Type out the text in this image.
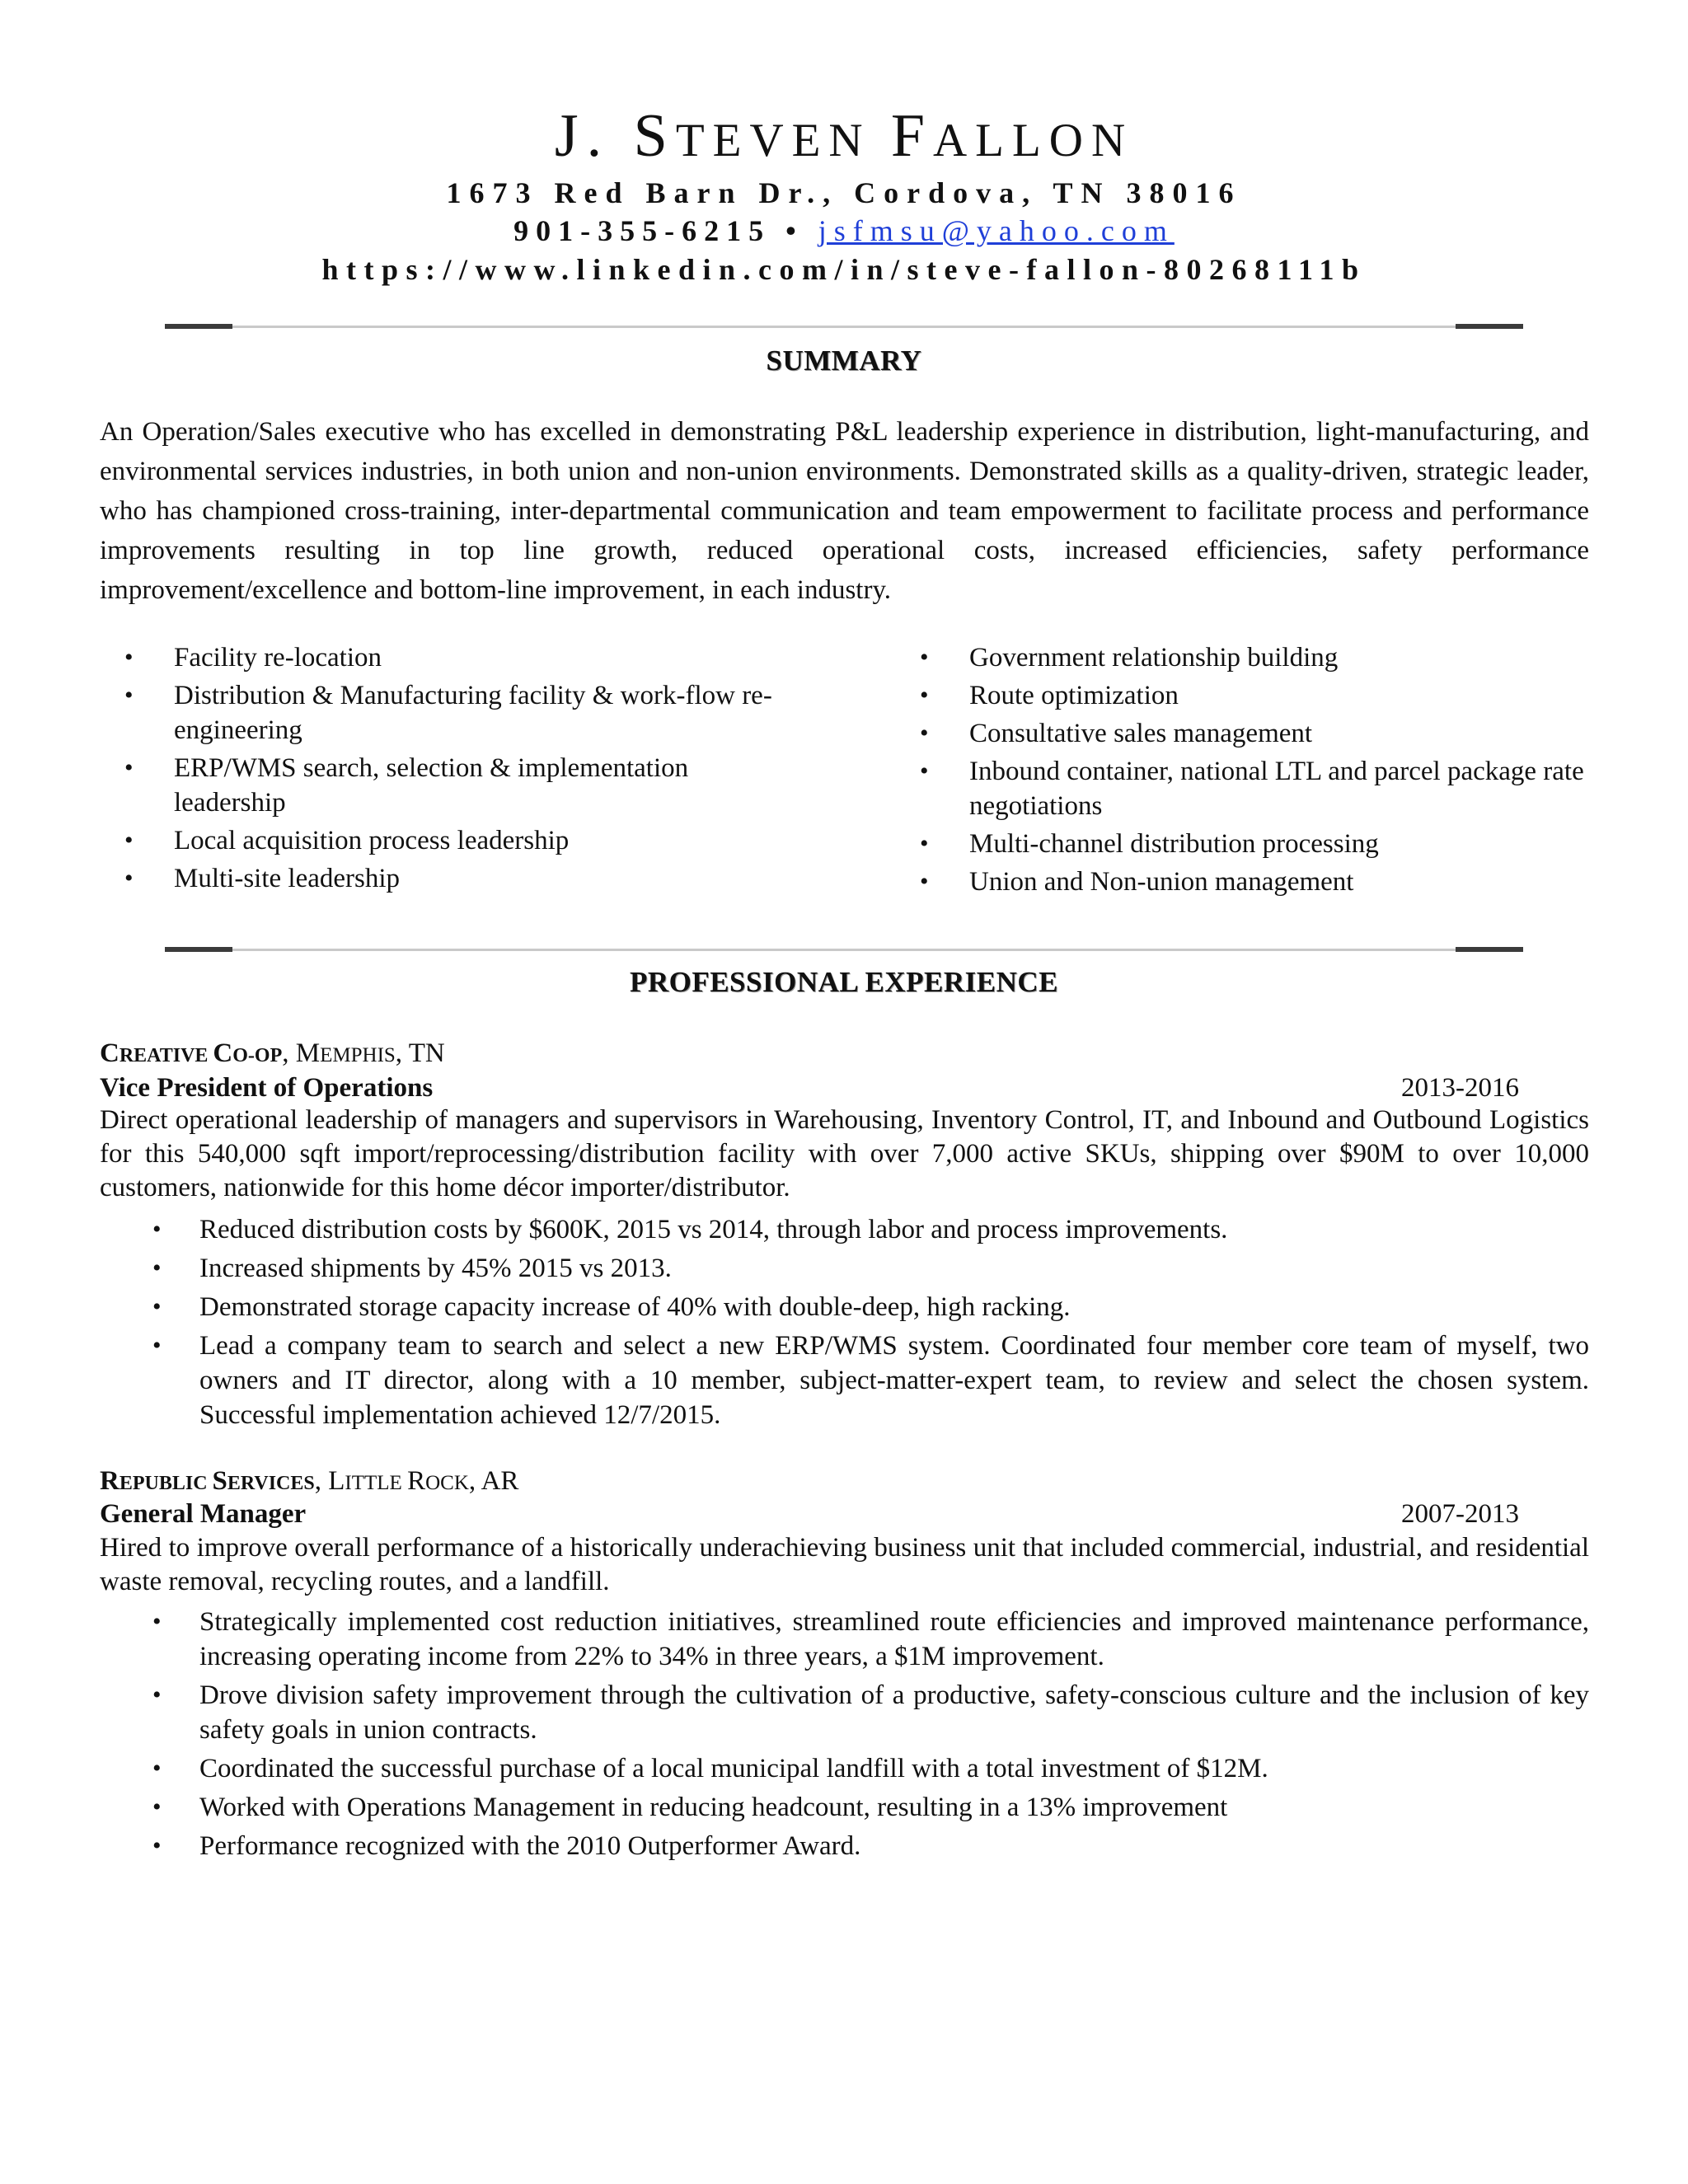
J. STEVEN FALLON
1673 Red Barn Dr., Cordova, TN 38016
901-355-6215 • jsfmsu@yahoo.com
https://www.linkedin.com/in/steve-fallon-80268111b
SUMMARY
An Operation/Sales executive who has excelled in demonstrating P&L leadership experience in distribution, light-manufacturing, and environmental services industries, in both union and non-union environments. Demonstrated skills as a quality-driven, strategic leader, who has championed cross-training, inter-departmental communication and team empowerment to facilitate process and performance improvements resulting in top line growth, reduced operational costs, increased efficiencies, safety performance improvement/excellence and bottom-line improvement, in each industry.
• Facility re-location
• Distribution & Manufacturing facility & work-flow re-engineering
• ERP/WMS search, selection & implementation leadership
• Local acquisition process leadership
• Multi-site leadership
• Government relationship building
• Route optimization
• Consultative sales management
• Inbound container, national LTL and parcel package rate negotiations
• Multi-channel distribution processing
• Union and Non-union management
PROFESSIONAL EXPERIENCE
CREATIVE CO-OP, MEMPHIS, TN
Vice President of Operations	2013-2016
Direct operational leadership of managers and supervisors in Warehousing, Inventory Control, IT, and Inbound and Outbound Logistics for this 540,000 sqft import/reprocessing/distribution facility with over 7,000 active SKUs, shipping over $90M to over 10,000 customers, nationwide for this home décor importer/distributor.
• Reduced distribution costs by $600K, 2015 vs 2014, through labor and process improvements.
• Increased shipments by 45% 2015 vs 2013.
• Demonstrated storage capacity increase of 40% with double-deep, high racking.
• Lead a company team to search and select a new ERP/WMS system. Coordinated four member core team of myself, two owners and IT director, along with a 10 member, subject-matter-expert team, to review and select the chosen system. Successful implementation achieved 12/7/2015.
REPUBLIC SERVICES, LITTLE ROCK, AR
General Manager	2007-2013
Hired to improve overall performance of a historically underachieving business unit that included commercial, industrial, and residential waste removal, recycling routes, and a landfill.
• Strategically implemented cost reduction initiatives, streamlined route efficiencies and improved maintenance performance, increasing operating income from 22% to 34% in three years, a $1M improvement.
• Drove division safety improvement through the cultivation of a productive, safety-conscious culture and the inclusion of key safety goals in union contracts.
• Coordinated the successful purchase of a local municipal landfill with a total investment of $12M.
• Worked with Operations Management in reducing headcount, resulting in a 13% improvement
• Performance recognized with the 2010 Outperformer Award.
